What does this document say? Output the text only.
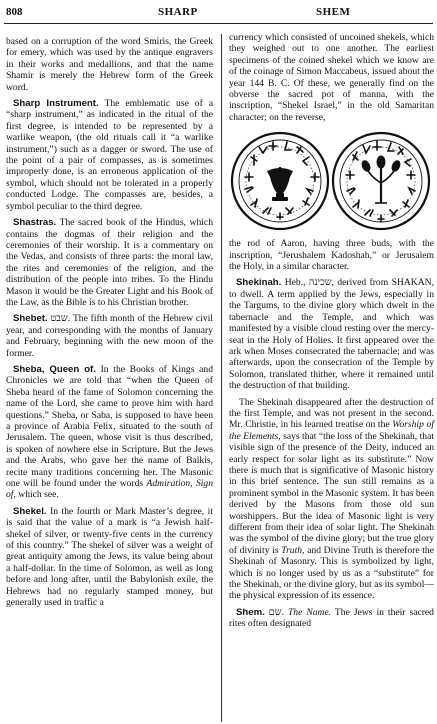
808	SHARP	SHEM

based on a corruption of the word Smiris, the Greek for emery, which was used by the antique engravers in their works and medallions, and that the name Shamir is merely the Hebrew form of the Greek word.

Sharp Instrument. The emblematic use of a “sharp instrument,” as indicated in the ritual of the first degree, is intended to be represented by a warlike weapon, (the old rituals call it “a warlike instrument,”) such as a dagger or sword. The use of the point of a pair of compasses, as is sometimes improperly done, is an erroneous application of the symbol, which should not be tolerated in a properly conducted Lodge. The compasses are, besides, a symbol peculiar to the third degree.

Shastras. The sacred book of the Hindus, which contains the dogmas of their religion and the ceremonies of their worship. It is a commentary on the Vedas, and consists of three parts: the moral law, the rites and ceremonies of the religion, and the distribution of the people into tribes. To the Hindu Mason it would be the Greater Light and his Book of the Law, as the Bible is to his Christian brother.

Shebet. שבט. The fifth month of the Hebrew civil year, and corresponding with the months of January and February, beginning with the new moon of the former.

Sheba, Queen of. In the Books of Kings and Chronicles we are told that “when the Queen of Sheba heard of the fame of Solomon concerning the name of the Lord, she came to prove him with hard questions.” Sheba, or Saba, is supposed to have been a province of Arabia Felix, situated to the south of Jerusalem. The queen, whose visit is thus described, is spoken of nowhere else in Scripture. But the Jews and the Arabs, who gave her the name of Balkis, recite many traditions concerning her. The Masonic one will be found under the words Admiration, Sign of, which see.

Shekel. In the fourth or Mark Master’s degree, it is said that the value of a mark is “a Jewish half-shekel of silver, or twenty-five cents in the currency of this country.” The shekel of silver was a weight of great antiquity among the Jews, its value being about a half-dollar. In the time of Solomon, as well as long before and long after, until the Babylonish exile, the Hebrews had no regularly stamped money, but generally used in traffic a

currency which consisted of uncoined shekels, which they weighed out to one another. The earliest specimens of the coined shekel which we know are of the coinage of Simon Maccabeus, issued about the year 144 B. C. Of these, we generally find on the obverse the sacred pot of manna, with the inscription, “Shekel Israel,” in the old Samaritan character; on the reverse,

the rod of Aaron, having three buds, with the inscription, “Jerushalem Kadoshah,” or Jerusalem the Holy, in a similar character.

Shekinah. Heb., שכינה, derived from SHAKAN, to dwell. A term applied by the Jews, especially in the Targums, to the divine glory which dwelt in the tabernacle and the Temple, and which was manifested by a visible cloud resting over the mercy-seat in the Holy of Holies. It first appeared over the ark when Moses consecrated the tabernacle; and was afterwards, upon the consecration of the Temple by Solomon, translated thither, where it remained until the destruction of that building.

The Shekinah disappeared after the destruction of the first Temple, and was not present in the second. Mr. Christie, in his learned treatise on the Worship of the Elements, says that “the loss of the Shekinah, that visible sign of the presence of the Deity, induced an early respect for solar light as its substitute.” Now there is much that is significative of Masonic history in this brief sentence. The sun still remains as a prominent symbol in the Masonic system. It has been derived by the Masons from those old sun worshippers. But the idea of Masonic light is very different from their idea of solar light. The Shekinah was the symbol of the divine glory; but the true glory of divinity is Truth, and Divine Truth is therefore the Shekinah of Masonry. This is symbolized by light, which is no longer used by us as a “substitute” for the Shekinah, or the divine glory, but as its symbol—the physical expression of its essence.

Shem. שם. The Name. The Jews in their sacred rites often designated
